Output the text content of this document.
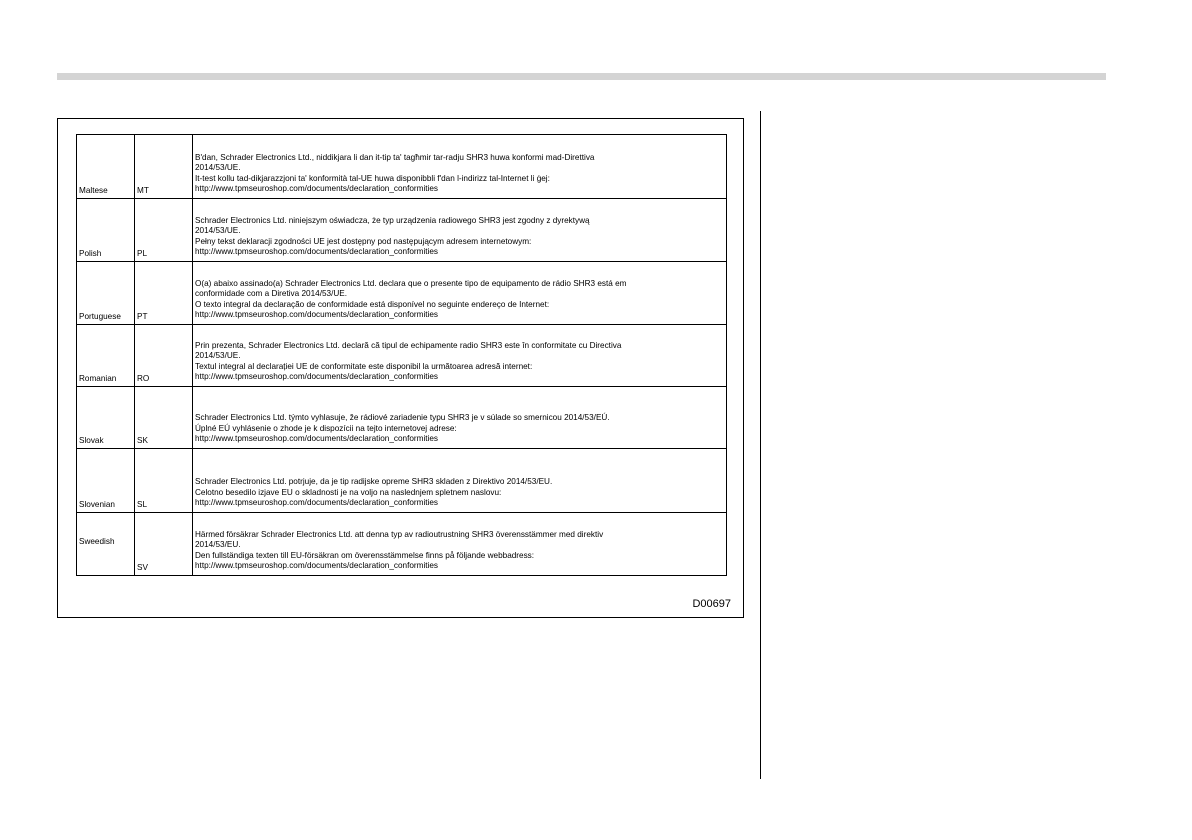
Maltese	MT	B'dan, Schrader Electronics Ltd., niddikjara li dan it-tip ta' tagħmir tar-radju SHR3 huwa konformi mad-Direttiva
2014/53/UE.
It-test kollu tad-dikjarazzjoni ta' konformità tal-UE huwa disponibbli f'dan l-indirizz tal-Internet li ġej:
http://www.tpmseuroshop.com/documents/declaration_conformities

Polish	PL	Schrader Electronics Ltd. niniejszym oświadcza, że typ urządzenia radiowego SHR3 jest zgodny z dyrektywą
2014/53/UE.
Pełny tekst deklaracji zgodności UE jest dostępny pod następującym adresem internetowym:
http://www.tpmseuroshop.com/documents/declaration_conformities

Portuguese	PT	O(a) abaixo assinado(a) Schrader Electronics Ltd. declara que o presente tipo de equipamento de rádio SHR3 está em
conformidade com a Diretiva 2014/53/UE.
O texto integral da declaração de conformidade está disponível no seguinte endereço de Internet:
http://www.tpmseuroshop.com/documents/declaration_conformities

Romanian	RO	Prin prezenta, Schrader Electronics Ltd. declară că tipul de echipamente radio SHR3 este în conformitate cu Directiva
2014/53/UE.
Textul integral al declarației UE de conformitate este disponibil la următoarea adresă internet:
http://www.tpmseuroshop.com/documents/declaration_conformities

Slovak	SK	Schrader Electronics Ltd. týmto vyhlasuje, že rádiové zariadenie typu SHR3 je v súlade so smernicou 2014/53/EÚ.
Úplné EÚ vyhlásenie o zhode je k dispozícii na tejto internetovej adrese:
http://www.tpmseuroshop.com/documents/declaration_conformities

Slovenian	SL	Schrader Electronics Ltd. potrjuje, da je tip radijske opreme SHR3 skladen z Direktivo 2014/53/EU.
Celotno besedilo izjave EU o skladnosti je na voljo na naslednjem spletnem naslovu:
http://www.tpmseuroshop.com/documents/declaration_conformities

Sweedish	SV	Härmed försäkrar Schrader Electronics Ltd. att denna typ av radioutrustning SHR3 överensstämmer med direktiv
2014/53/EU.
Den fullständiga texten till EU-försäkran om överensstämmelse finns på följande webbadress:
http://www.tpmseuroshop.com/documents/declaration_conformities
D00697
